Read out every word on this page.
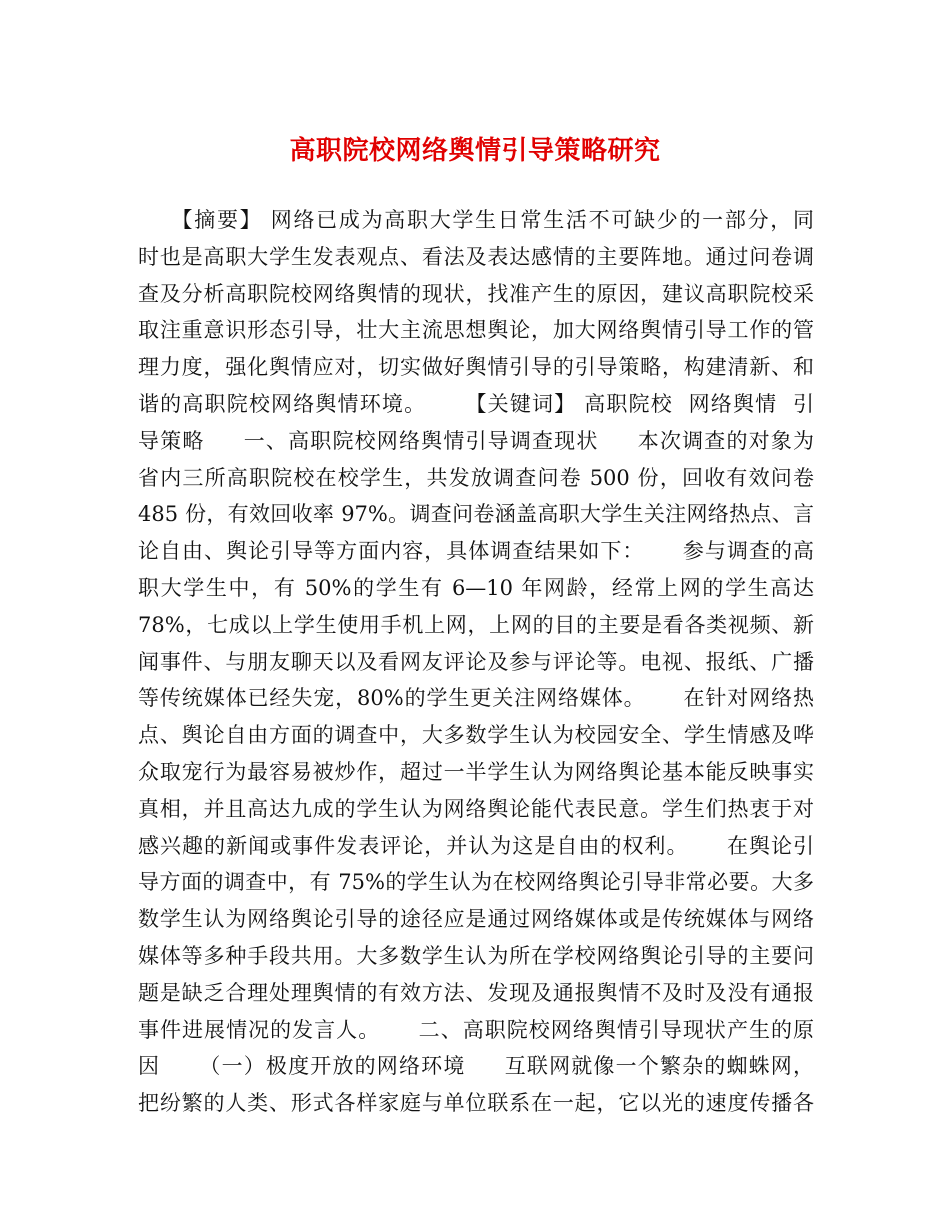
高职院校网络舆情引导策略研究
【摘要】 网络已成为高职大学生日常生活不可缺少的一部分，同
时也是高职大学生发表观点、看法及表达感情的主要阵地。通过问卷调
查及分析高职院校网络舆情的现状，找准产生的原因，建议高职院校采
取注重意识形态引导，壮大主流思想舆论，加大网络舆情引导工作的管
理力度，强化舆情应对，切实做好舆情引导的引导策略，构建清新、和
谐的高职院校网络舆情环境。     【关键词】 高职院校  网络舆情  引
导策略     一、高职院校网络舆情引导调查现状     本次调查的对象为
省内三所高职院校在校学生，共发放调查问卷 500 份，回收有效问卷
485 份，有效回收率 97%。调查问卷涵盖高职大学生关注网络热点、言
论自由、舆论引导等方面内容，具体调查结果如下：     参与调查的高
职大学生中，有 50%的学生有 6—10 年网龄，经常上网的学生高达
78%，七成以上学生使用手机上网，上网的目的主要是看各类视频、新
闻事件、与朋友聊天以及看网友评论及参与评论等。电视、报纸、广播
等传统媒体已经失宠，80%的学生更关注网络媒体。     在针对网络热
点、舆论自由方面的调查中，大多数学生认为校园安全、学生情感及哗
众取宠行为最容易被炒作，超过一半学生认为网络舆论基本能反映事实
真相，并且高达九成的学生认为网络舆论能代表民意。学生们热衷于对
感兴趣的新闻或事件发表评论，并认为这是自由的权利。     在舆论引
导方面的调查中，有 75%的学生认为在校网络舆论引导非常必要。大多
数学生认为网络舆论引导的途径应是通过网络媒体或是传统媒体与网络
媒体等多种手段共用。大多数学生认为所在学校网络舆论引导的主要问
题是缺乏合理处理舆情的有效方法、发现及通报舆情不及时及没有通报
事件进展情况的发言人。     二、高职院校网络舆情引导现状产生的原
因     （一）极度开放的网络环境     互联网就像一个繁杂的蜘蛛网，
把纷繁的人类、形式各样家庭与单位联系在一起，它以光的速度传播各
